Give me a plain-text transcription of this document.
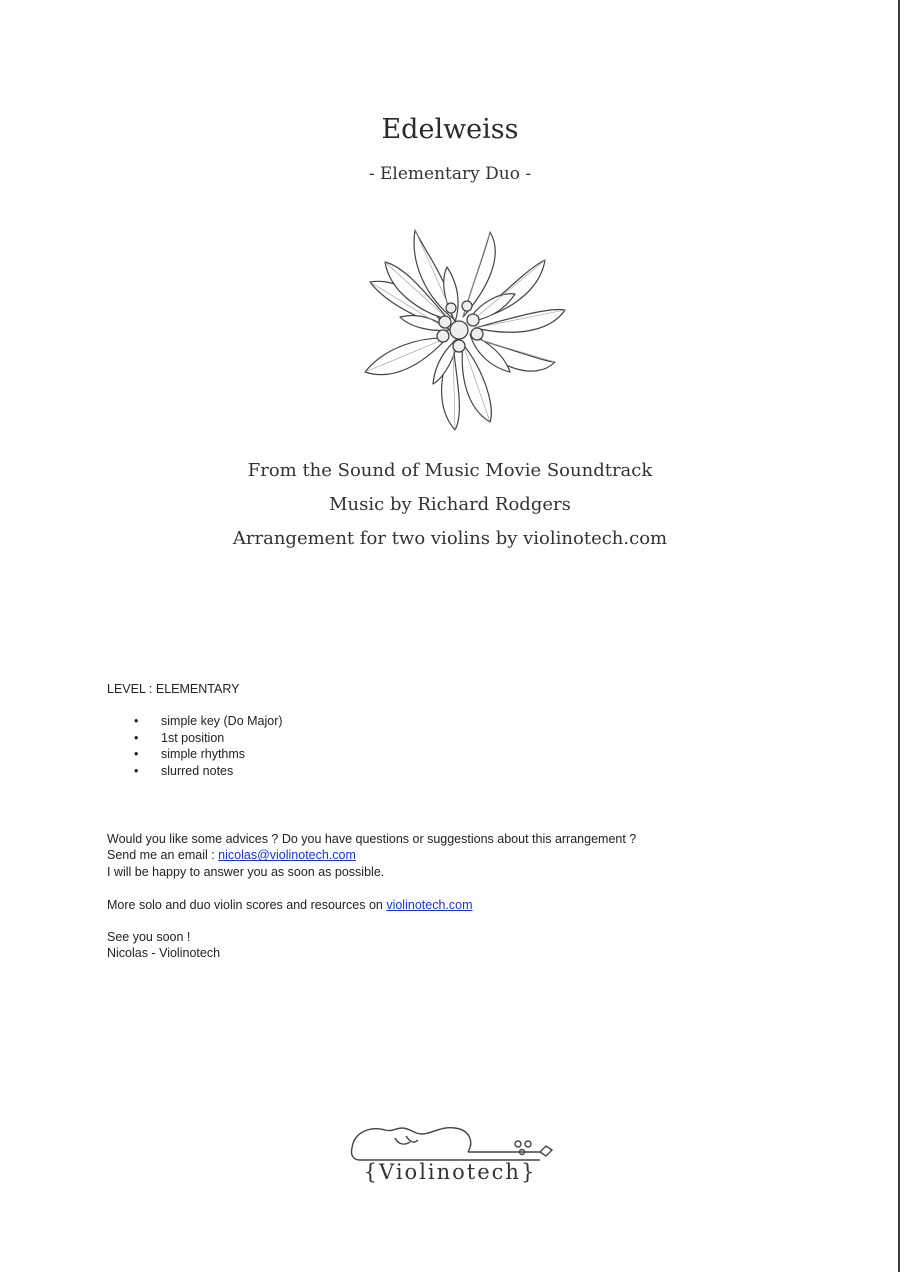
Edelweiss
- Elementary Duo -
From the Sound of Music Movie Soundtrack
Music by Richard Rodgers
Arrangement for two violins by violinotech.com
LEVEL : ELEMENTARY
• simple key (Do Major)
• 1st position
• simple rhythms
• slurred notes
Would you like some advices ? Do you have questions or suggestions about this arrangement ?
Send me an email : nicolas@violinotech.com
I will be happy to answer you as soon as possible.
More solo and duo violin scores and resources on violinotech.com
See you soon !
Nicolas - Violinotech
{Violinotech}
